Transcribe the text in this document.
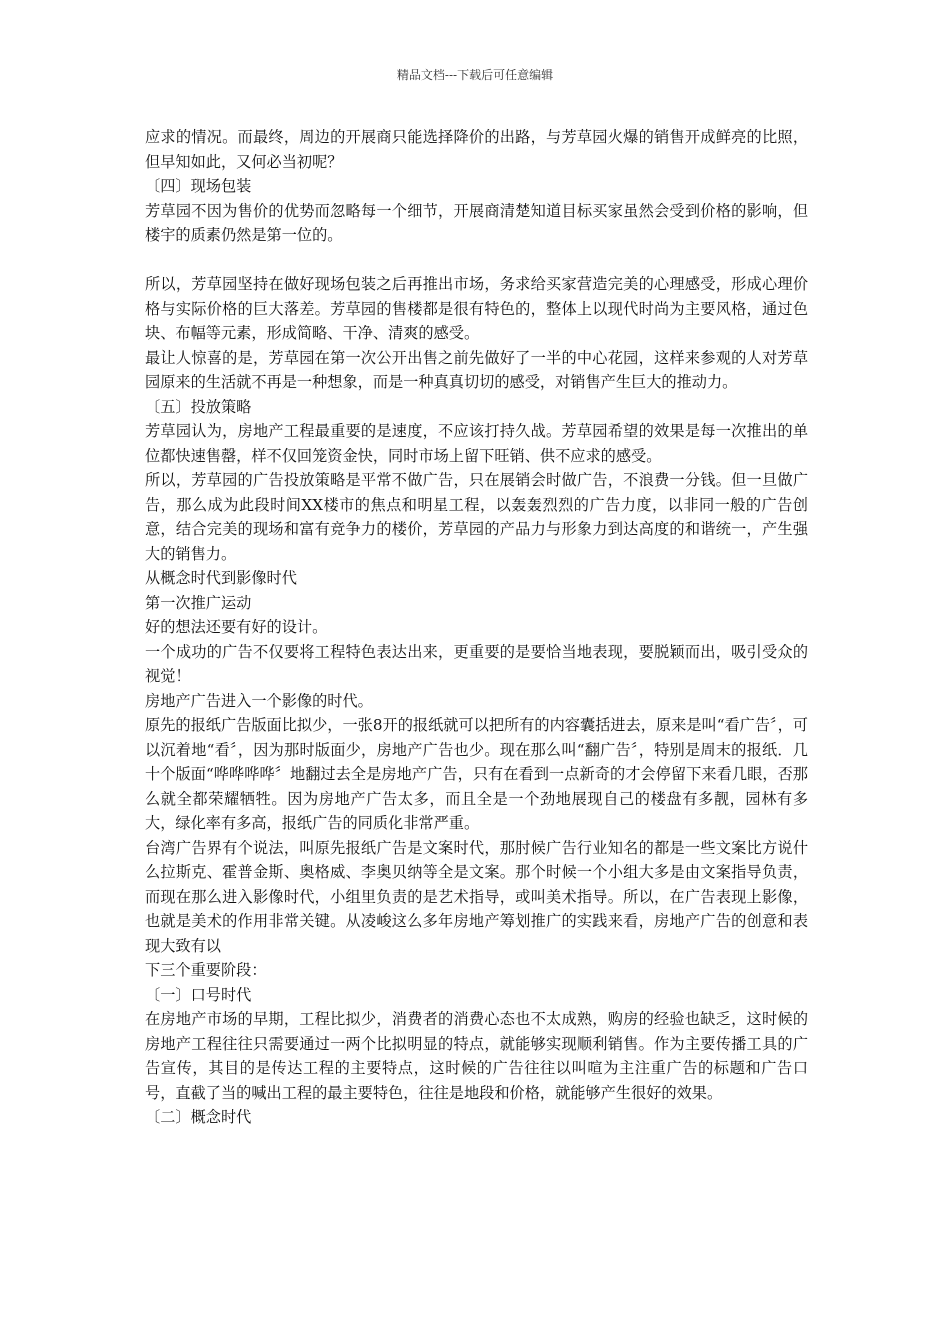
精品文档---下载后可任意编辑

应求的情况。而最终，周边的开展商只能选择降价的出路，与芳草园火爆的销售开成鲜亮的比照，但早知如此，又何必当初呢？

〔四〕现场包装

芳草园不因为售价的优势而忽略每一个细节，开展商清楚知道目标买家虽然会受到价格的影响，但楼宇的质素仍然是第一位的。

所以，芳草园坚持在做好现场包装之后再推出市场，务求给买家营造完美的心理感受，形成心理价格与实际价格的巨大落差。芳草园的售楼都是很有特色的，整体上以现代时尚为主要风格，通过色块、布幅等元素，形成简略、干净、清爽的感受。

最让人惊喜的是，芳草园在第一次公开出售之前先做好了一半的中心花园，这样来参观的人对芳草园原来的生活就不再是一种想象，而是一种真真切切的感受，对销售产生巨大的推动力。

〔五〕投放策略

芳草园认为，房地产工程最重要的是速度，不应该打持久战。芳草园希望的效果是每一次推出的单位都快速售罄，样不仅回笼资金快，同时市场上留下旺销、供不应求的感受。

所以，芳草园的广告投放策略是平常不做广告，只在展销会时做广告，不浪费一分钱。但一旦做广告，那么成为此段时间XX楼市的焦点和明星工程，以轰轰烈烈的广告力度，以非同一般的广告创意，结合完美的现场和富有竞争力的楼价，芳草园的产品力与形象力到达高度的和谐统一，产生强大的销售力。

从概念时代到影像时代

第一次推广运动

好的想法还要有好的设计。

一个成功的广告不仅要将工程特色表达出来，更重要的是要恰当地表现，要脱颖而出，吸引受众的视觉！

房地产广告进入一个影像的时代。

原先的报纸广告版面比拟少，一张8开的报纸就可以把所有的内容囊括进去，原来是叫“看广告〞，可以沉着地“看〞，因为那时版面少，房地产广告也少。现在那么叫“翻广告〞，特别是周末的报纸．几十个版面“哗哗哗哗〞地翻过去全是房地产广告，只有在看到一点新奇的才会停留下来看几眼，否那么就全都荣耀牺牲。因为房地产广告太多，而且全是一个劲地展现自己的楼盘有多靓，园林有多大，绿化率有多高，报纸广告的同质化非常严重。

台湾广告界有个说法，叫原先报纸广告是文案时代，那肘候广告行业知名的都是一些文案比方说什么拉斯克、霍普金斯、奥格威、李奥贝纳等全是文案。那个时候一个小组大多是由文案指导负责，而现在那么进入影像时代，小组里负责的是艺术指导，或叫美术指导。所以，在广告表现上影像，也就是美术的作用非常关键。从凌峻这么多年房地产筹划推广的实践来看，房地产广告的创意和表现大致有以

下三个重要阶段：

〔一〕口号时代

在房地产市场的早期，工程比拟少，消费者的消费心态也不太成熟，购房的经验也缺乏，这时候的房地产工程往往只需要通过一两个比拟明显的特点，就能够实现顺利销售。作为主要传播工具的广告宣传，其目的是传达工程的主要特点，这时候的广告往往以叫喧为主注重广告的标题和广告口号，直截了当的喊出工程的最主要特色，往往是地段和价格，就能够产生很好的效果。

〔二〕概念时代
